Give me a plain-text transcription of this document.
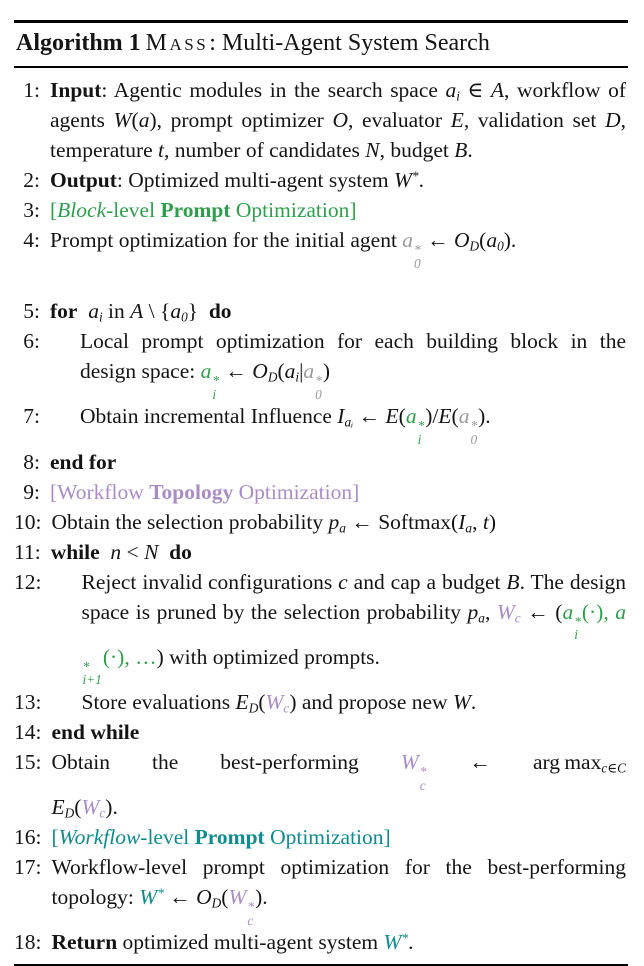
Algorithm 1 Mass: Multi-Agent System Search
1: Input: Agentic modules in the search space $a_i$ ∈ A, workflow of agents W(a), prompt optimizer O, evaluator E, validation set D, temperature t, number of candidates N, budget B.
2: Output: Optimized multi-agent system W*.
3: [Block-level Prompt Optimization]
4: Prompt optimization for the initial agent a *
0
← $O_D(a_0)$.
5: for  $a_i$ in A \ $\{a_0\}$  do
6:	Local prompt optimization for each building block in the design space: a *
i
← $O_D(a_i|a$ *
0
)
7:	Obtain incremental Influence $I_{aᵢ}$ ← E(a *
i
)/E(a *
0
).
8: end for
9: [Workflow Topology Optimization]
10: Obtain the selection probability $p_a$ ← $Softmax(I_a$, t)
11: while  n < N do
12:	Reject invalid configurations c and cap a budget B. The design space is pruned by the selection probability $p_a$, $W_c$ ← (a *
i
(·), a
*
i+1
(·), …) with optimized prompts.
13:	Store evaluations $E_D(W_c)$ and propose new W.
14: end while
15: Obtain the best-performing W *
c
← arg $\max_{c\in C} E_D(W_c)$.
16: [Workflow-level Prompt Optimization]
17: Workflow-level prompt optimization for the best-performing topology: W* ← $O_D(W$ *
c
).
18: Return optimized multi-agent system W*.
